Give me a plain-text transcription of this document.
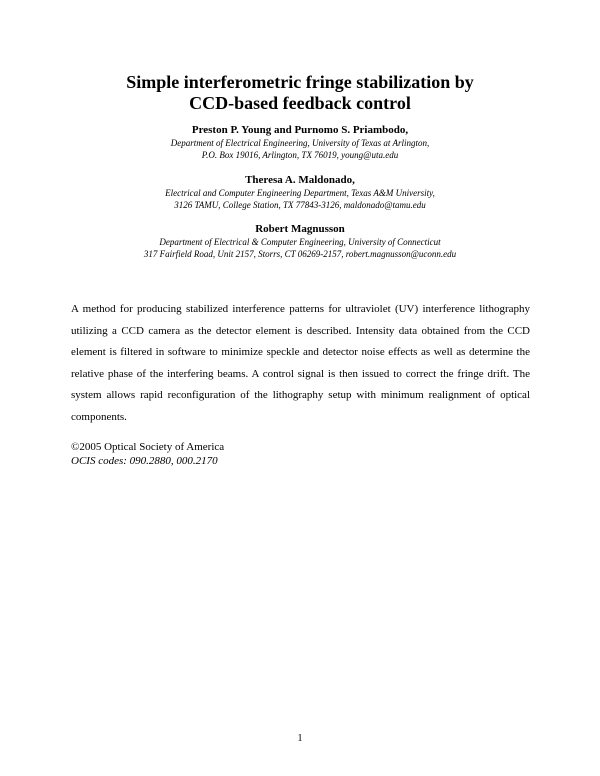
Simple interferometric fringe stabilization by
CCD-based feedback control
Preston P. Young and Purnomo S. Priambodo,
Department of Electrical Engineering, University of Texas at Arlington,
P.O. Box 19016, Arlington, TX 76019, young@uta.edu
Theresa A. Maldonado,
Electrical and Computer Engineering Department, Texas A&M University,
3126 TAMU, College Station, TX 77843-3126, maldonado@tamu.edu
Robert Magnusson
Department of Electrical & Computer Engineering, University of Connecticut
317 Fairfield Road, Unit 2157, Storrs, CT 06269-2157, robert.magnusson@uconn.edu

A method for producing stabilized interference patterns for ultraviolet (UV) interference lithography utilizing a CCD camera as the detector element is described. Intensity data obtained from the CCD element is filtered in software to minimize speckle and detector noise effects as well as determine the relative phase of the interfering beams. A control signal is then issued to correct the fringe drift. The system allows rapid reconfiguration of the lithography setup with minimum realignment of optical components.

©2005 Optical Society of America
OCIS codes: 090.2880, 000.2170
1
